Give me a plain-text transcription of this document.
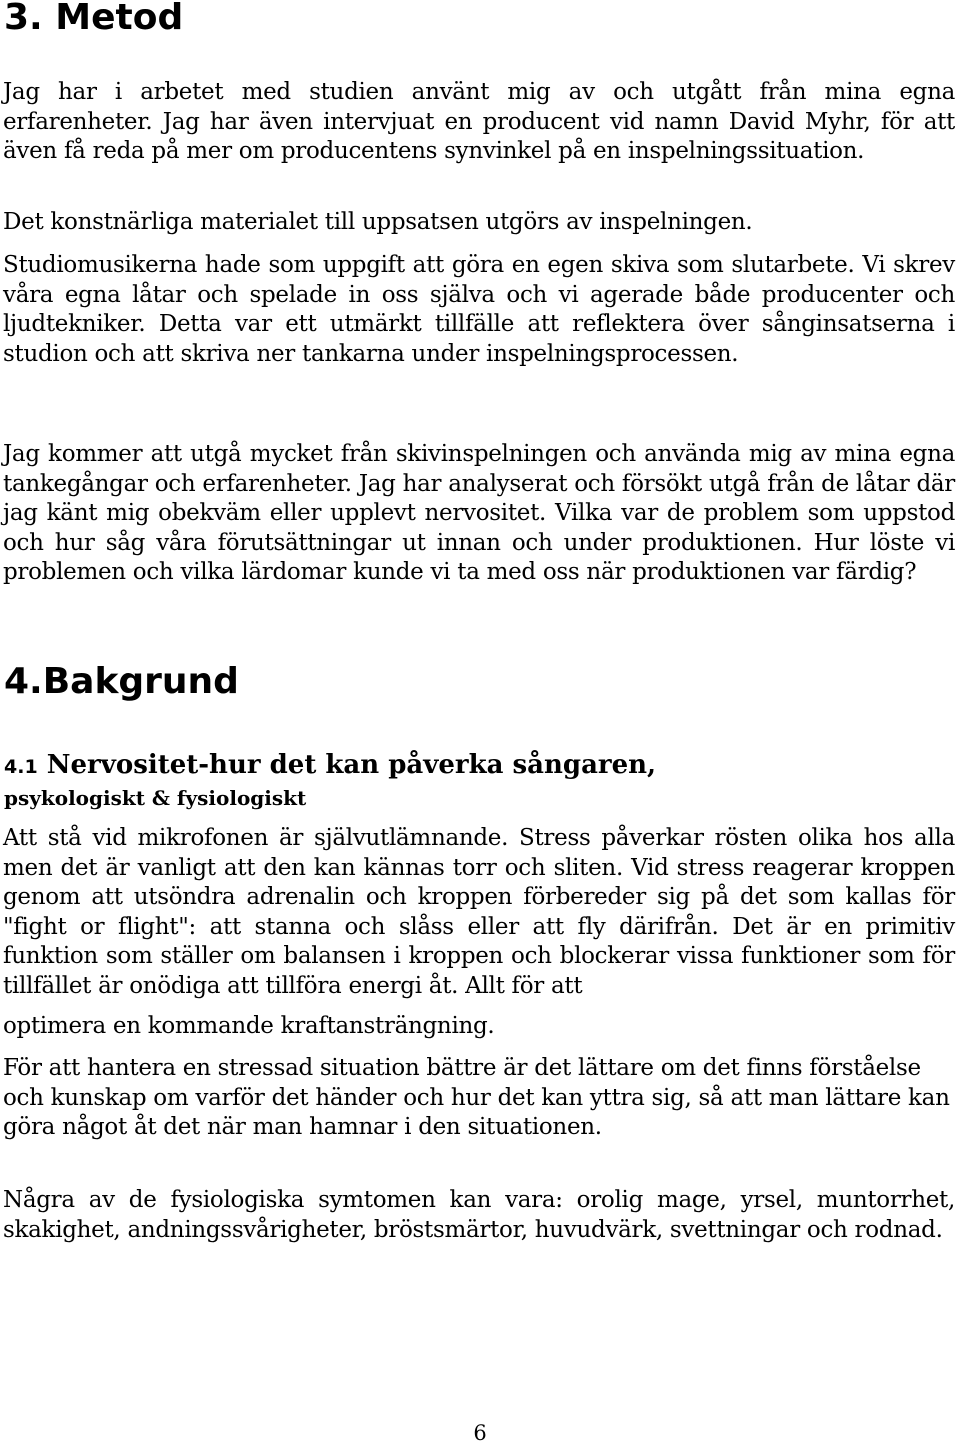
3. Metod
Jag har i arbetet med studien använt mig av och utgått från mina egna erfarenheter. Jag har även intervjuat en producent vid namn David Myhr, för att även få reda på mer om producentens synvinkel på en inspelningssituation.
Det konstnärliga materialet till uppsatsen utgörs av inspelningen.
Studiomusikerna hade som uppgift att göra en egen skiva som slutarbete. Vi skrev våra egna låtar och spelade in oss själva och vi agerade både producenter och ljudtekniker. Detta var ett utmärkt tillfälle att reflektera över sånginsatserna i studion och att skriva ner tankarna under inspelningsprocessen.
Jag kommer att utgå mycket från skivinspelningen och använda mig av mina egna tankegångar och erfarenheter. Jag har analyserat och försökt utgå från de låtar där jag känt mig obekväm eller upplevt nervositet. Vilka var de problem som uppstod och hur såg våra förutsättningar ut innan och under produktionen. Hur löste vi problemen och vilka lärdomar kunde vi ta med oss när produktionen var färdig?
4.Bakgrund
4.1 Nervositet-hur det kan påverka sångaren,
psykologiskt & fysiologiskt
Att stå vid mikrofonen är självutlämnande. Stress påverkar rösten olika hos alla men det är vanligt att den kan kännas torr och sliten. Vid stress reagerar kroppen genom att utsöndra adrenalin och kroppen förbereder sig på det som kallas för "fight or flight": att stanna och slåss eller att fly därifrån. Det är en primitiv funktion som ställer om balansen i kroppen och blockerar vissa funktioner som för tillfället är onödiga att tillföra energi åt. Allt för att
optimera en kommande kraftansträngning.
För att hantera en stressad situation bättre är det lättare om det finns förståelse och kunskap om varför det händer och hur det kan yttra sig, så att man lättare kan göra något åt det när man hamnar i den situationen.
Några av de fysiologiska symtomen kan vara: orolig mage, yrsel, muntorrhet, skakighet, andningssvårigheter, bröstsmärtor, huvudvärk, svettningar och rodnad.
6
